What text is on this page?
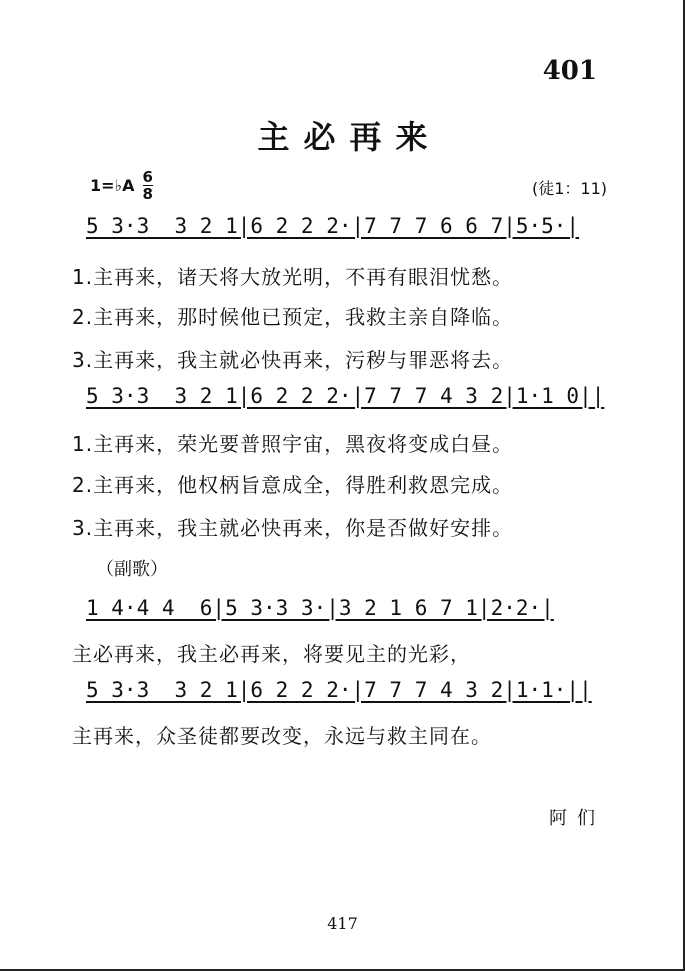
401
主必再来
1=♭A 6
8	(徒1：11)
5 3·3  3 2 1|6 2 2 2·|7 7 7 6 6 7|5·5·|
1.主再来，诸天将大放光明，不再有眼泪忧愁。
2.主再来，那时候他已预定，我救主亲自降临。
3.主再来，我主就必快再来，污秽与罪恶将去。
5 3·3  3 2 1|6 2 2 2·|7 7 7 4 3 2|1·1 0||
1.主再来，荣光要普照宇宙，黑夜将变成白昼。
2.主再来，他权柄旨意成全，得胜利救恩完成。
3.主再来，我主就必快再来，你是否做好安排。
（副歌）
1 4·4 4  6|5 3·3 3·|3 2 1 6 7 1|2·2·|
主必再来，我主必再来，将要见主的光彩，
5 3·3  3 2 1|6 2 2 2·|7 7 7 4 3 2|1·1·||
主再来，众圣徒都要改变，永远与救主同在。
阿们
417
